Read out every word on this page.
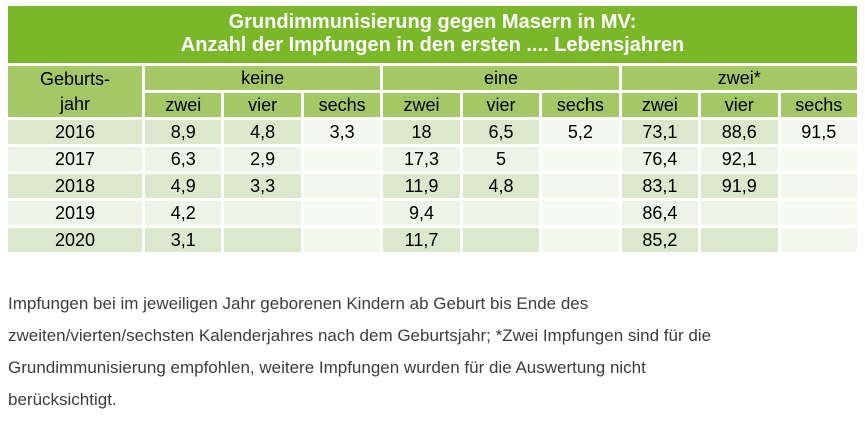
Grundimmunisierung gegen Masern in MV:
Anzahl der Impfungen in den ersten .... Lebensjahren
Geburts-
jahr	keine			eine			zwei*		
	zwei	vier	sechs	zwei	vier	sechs	zwei	vier	sechs
2016	8,9	4,8	3,3	18	6,5	5,2	73,1	88,6	91,5
2017	6,3	2,9		17,3	5		76,4	92,1	
2018	4,9	3,3		11,9	4,8		83,1	91,9	
2019	4,2			9,4			86,4		
2020	3,1			11,7			85,2		
Impfungen bei im jeweiligen Jahr geborenen Kindern ab Geburt bis Ende des
zweiten/vierten/sechsten Kalenderjahres nach dem Geburtsjahr; *Zwei Impfungen sind für die
Grundimmunisierung empfohlen, weitere Impfungen wurden für die Auswertung nicht
berücksichtigt.
